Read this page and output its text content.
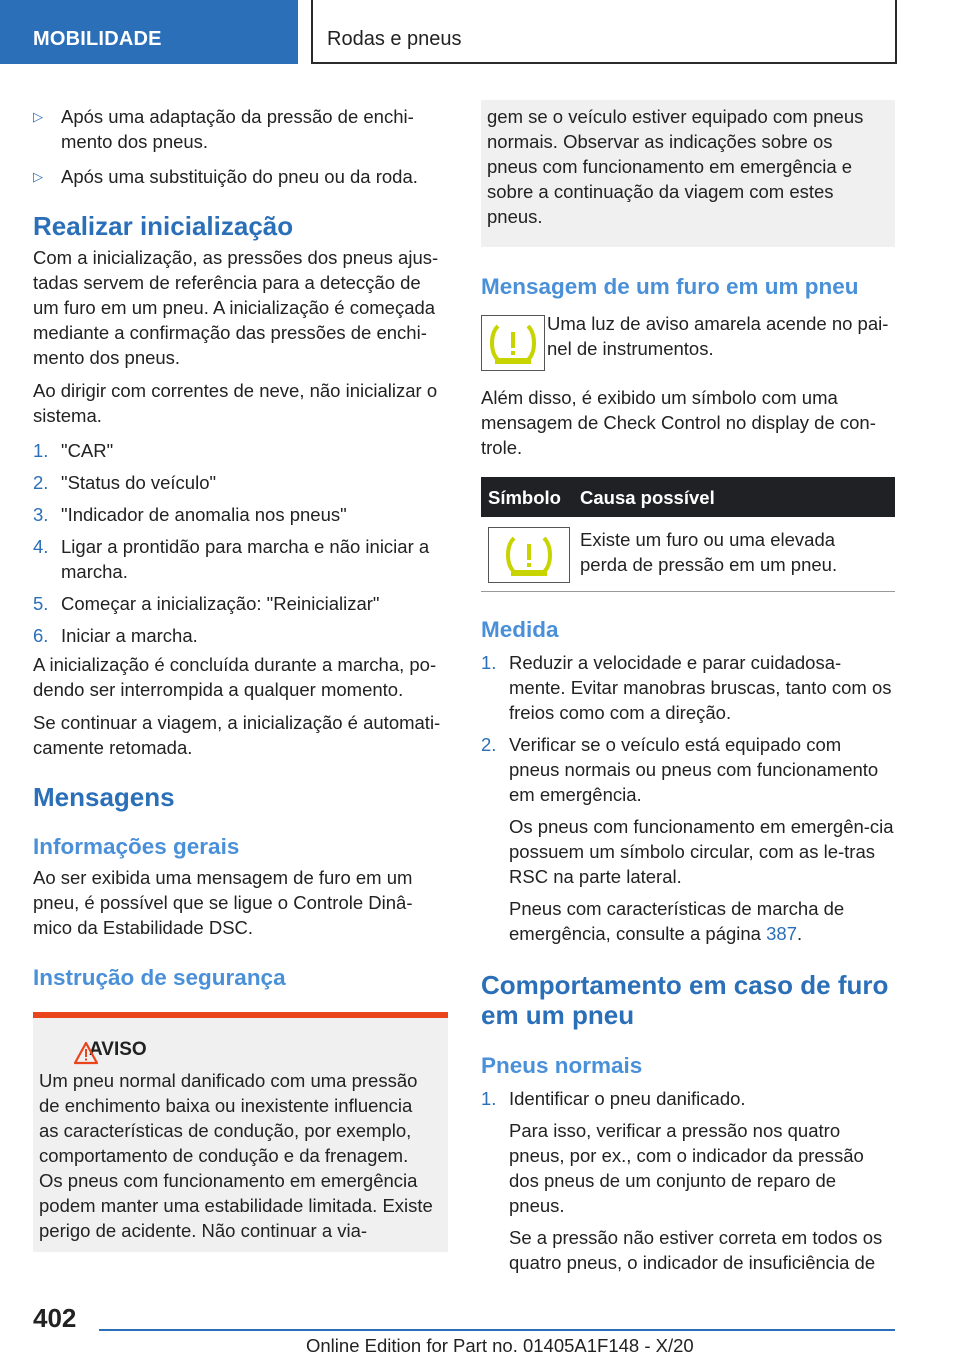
MOBILIDADE	Rodas e pneus
▷ Após uma adaptação da pressão de enchi-mento dos pneus.
▷ Após uma substituição do pneu ou da roda.
Realizar inicialização

Com a inicialização, as pressões dos pneus ajus-tadas servem de referência para a detecção de um furo em um pneu. A inicialização é começada mediante a confirmação das pressões de enchi-mento dos pneus.

Ao dirigir com correntes de neve, não inicializar o sistema.

1. "CAR"
2. "Status do veículo"
3. "Indicador de anomalia nos pneus"
4. Ligar a prontidão para marcha e não iniciar a marcha.
5. Começar a inicialização: "Reinicializar"
6. Iniciar a marcha.

A inicialização é concluída durante a marcha, po-dendo ser interrompida a qualquer momento.

Se continuar a viagem, a inicialização é automati-camente retomada.

Mensagens
Informações gerais

Ao ser exibida uma mensagem de furo em um pneu, é possível que se ligue o Controle Dinâ-mico da Estabilidade DSC.

Instrução de segurança
AVISO

Um pneu normal danificado com uma pressão de enchimento baixa ou inexistente influencia as características de condução, por exemplo, comportamento de condução e da frenagem. Os pneus com funcionamento em emergência podem manter uma estabilidade limitada. Existe perigo de acidente. Não continuar a via-

gem se o veículo estiver equipado com pneus normais. Observar as indicações sobre os pneus com funcionamento em emergência e sobre a continuação da viagem com estes pneus.

Mensagem de um furo em um pneu

Uma luz de aviso amarela acende no pai-nel de instrumentos.

Além disso, é exibido um símbolo com uma mensagem de Check Control no display de con-trole.

Símbolo Causa possível

Existe um furo ou uma elevada perda de pressão em um pneu.

Medida
1. Reduzir a velocidade e parar cuidadosa-mente. Evitar manobras bruscas, tanto com os freios como com a direção.
2. Verificar se o veículo está equipado com pneus normais ou pneus com funcionamento em emergência.

Os pneus com funcionamento em emergên-cia possuem um símbolo circular, com as le-tras RSC na parte lateral.

Pneus com características de marcha de emergência, consulte a página 387.

Comportamento em caso de furo em um pneu
Pneus normais
1. Identificar o pneu danificado.

Para isso, verificar a pressão nos quatro pneus, por ex., com o indicador da pressão dos pneus de um conjunto de reparo de pneus.

Se a pressão não estiver correta em todos os quatro pneus, o indicador de insuficiência de

402
Online Edition for Part no. 01405A1F148 - X/20
